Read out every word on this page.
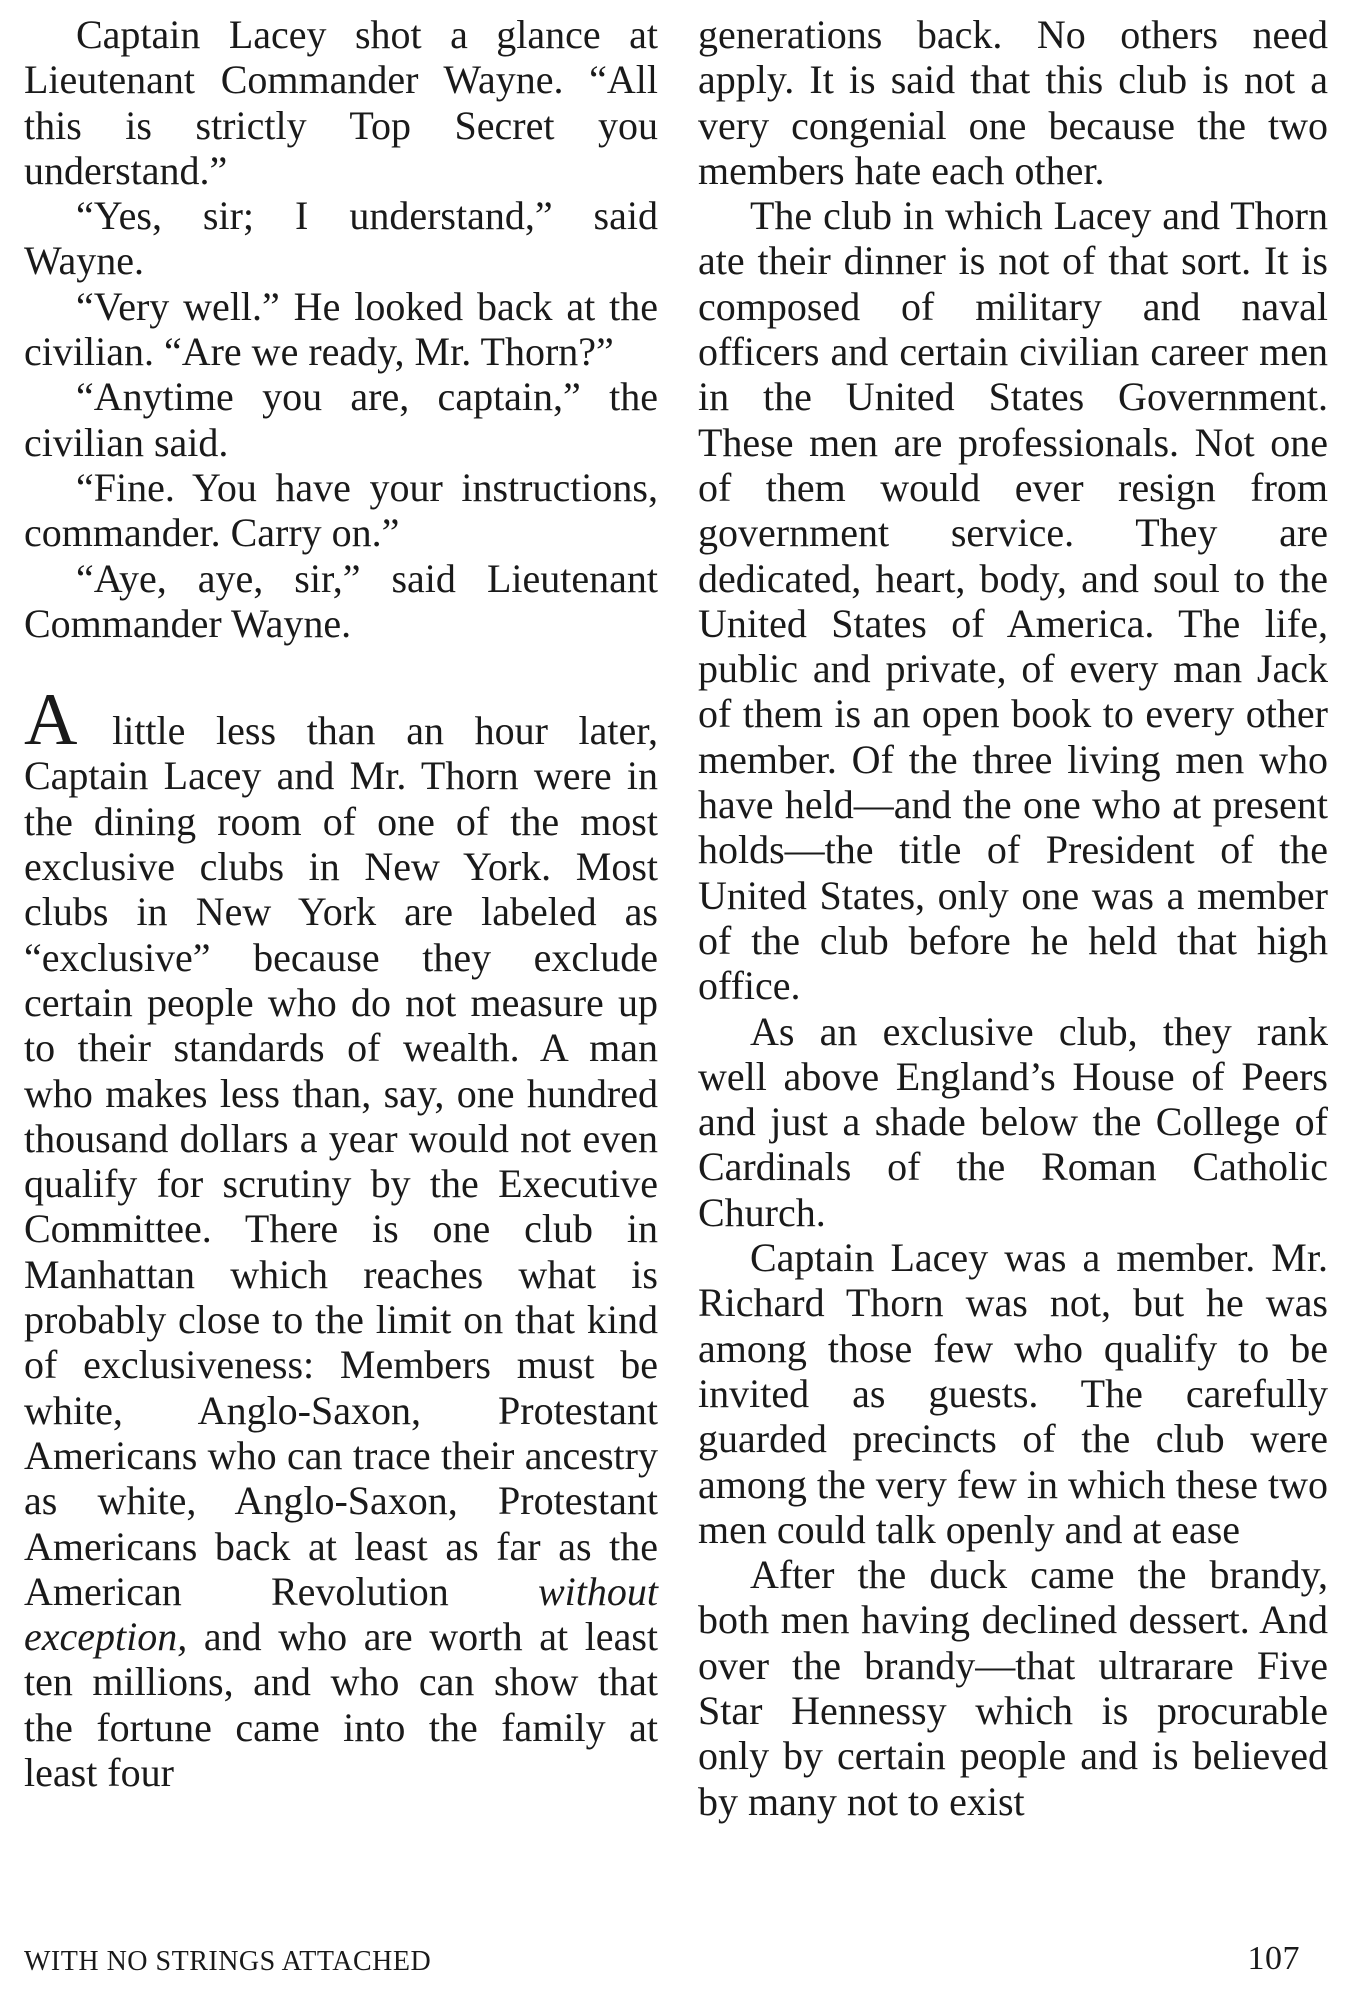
Captain Lacey shot a glance at Lieutenant Commander Wayne. “All this is strictly Top Secret you understand.”

“Yes, sir; I understand,” said Wayne.

“Very well.” He looked back at the civilian. “Are we ready, Mr. Thorn?”

“Anytime you are, captain,” the civilian said.

“Fine. You have your instructions, commander. Carry on.”

“Aye, aye, sir,” said Lieutenant Commander Wayne.

A little less than an hour later, Captain Lacey and Mr. Thorn were in the dining room of one of the most exclusive clubs in New York. Most clubs in New York are labeled as “exclusive” because they exclude certain people who do not measure up to their standards of wealth. A man who makes less than, say, one hundred thousand dollars a year would not even qualify for scrutiny by the Executive Committee. There is one club in Manhattan which reaches what is probably close to the limit on that kind of exclusiveness: Members must be white, Anglo-Saxon, Protestant Americans who can trace their ancestry as white, Anglo-Saxon, Protestant Americans back at least as far as the American Revolution without exception, and who are worth at least ten millions, and who can show that the fortune came into the family at least four

generations back. No others need apply. It is said that this club is not a very congenial one because the two members hate each other.

The club in which Lacey and Thorn ate their dinner is not of that sort. It is composed of military and naval officers and certain civilian career men in the United States Government. These men are professionals. Not one of them would ever resign from government service. They are dedicated, heart, body, and soul to the United States of America. The life, public and private, of every man Jack of them is an open book to every other member. Of the three living men who have held—and the one who at present holds—the title of President of the United States, only one was a member of the club before he held that high office.

As an exclusive club, they rank well above England’s House of Peers and just a shade below the College of Cardinals of the Roman Catholic Church.

Captain Lacey was a member. Mr. Richard Thorn was not, but he was among those few who qualify to be invited as guests. The carefully guarded precincts of the club were among the very few in which these two men could talk openly and at ease

After the duck came the brandy, both men having declined dessert. And over the brandy—that ultrarare Five Star Hennessy which is procurable only by certain people and is believed by many not to exist

WITH NO STRINGS ATTACHED	107
